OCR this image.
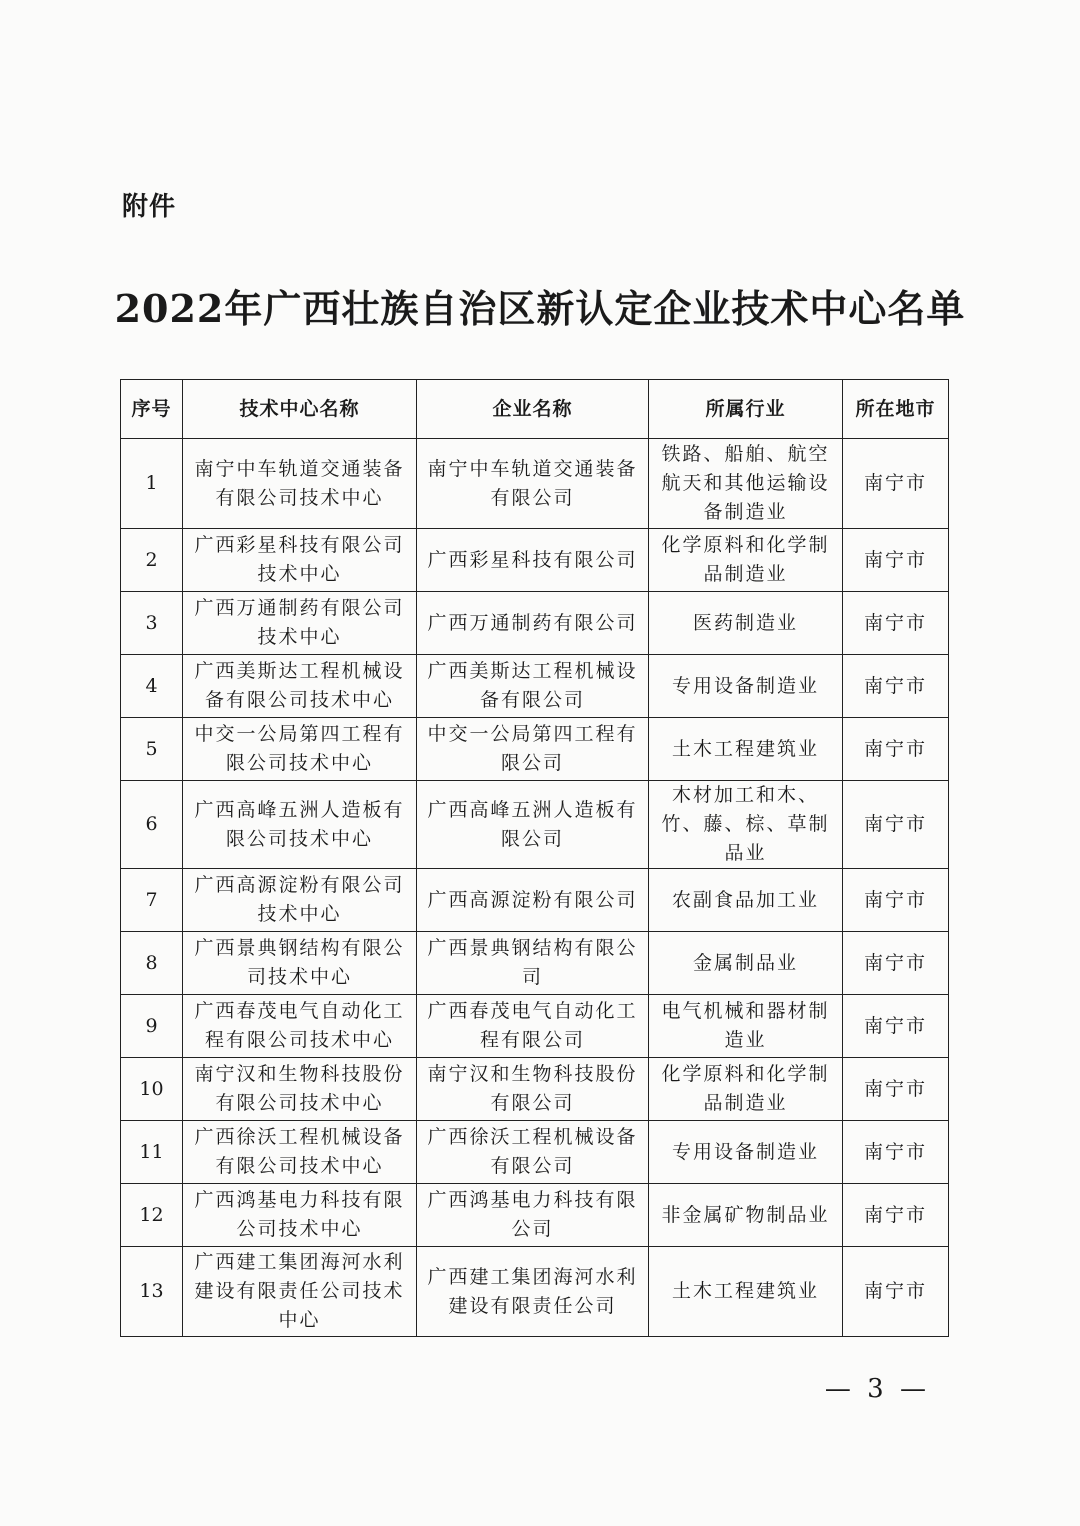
附件
2022年广西壮族自治区新认定企业技术中心名单
序号	技术中心名称	企业名称	所属行业	所在地市
1	南宁中车轨道交通装备有限公司技术中心	南宁中车轨道交通装备有限公司	铁路、船舶、航空航天和其他运输设备制造业	南宁市
2	广西彩星科技有限公司技术中心	广西彩星科技有限公司	化学原料和化学制品制造业	南宁市
3	广西万通制药有限公司技术中心	广西万通制药有限公司	医药制造业	南宁市
4	广西美斯达工程机械设备有限公司技术中心	广西美斯达工程机械设备有限公司	专用设备制造业	南宁市
5	中交一公局第四工程有限公司技术中心	中交一公局第四工程有限公司	土木工程建筑业	南宁市
6	广西高峰五洲人造板有限公司技术中心	广西高峰五洲人造板有限公司	木材加工和木、竹、藤、棕、草制品业	南宁市
7	广西高源淀粉有限公司技术中心	广西高源淀粉有限公司	农副食品加工业	南宁市
8	广西景典钢结构有限公司技术中心	广西景典钢结构有限公司	金属制品业	南宁市
9	广西春茂电气自动化工程有限公司技术中心	广西春茂电气自动化工程有限公司	电气机械和器材制造业	南宁市
10	南宁汉和生物科技股份有限公司技术中心	南宁汉和生物科技股份有限公司	化学原料和化学制品制造业	南宁市
11	广西徐沃工程机械设备有限公司技术中心	广西徐沃工程机械设备有限公司	专用设备制造业	南宁市
12	广西鸿基电力科技有限公司技术中心	广西鸿基电力科技有限公司	非金属矿物制品业	南宁市
13	广西建工集团海河水利建设有限责任公司技术中心	广西建工集团海河水利建设有限责任公司	土木工程建筑业	南宁市
— 3 —
